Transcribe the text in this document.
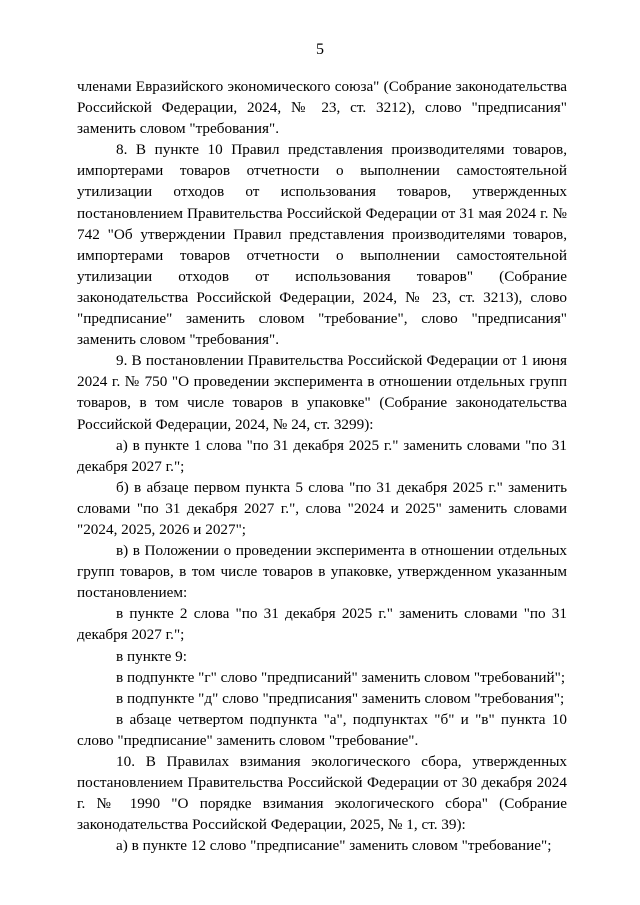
5

членами Евразийского экономического союза" (Собрание законодательства Российской Федерации, 2024, № 23, ст. 3212), слово "предписания" заменить словом "требования".

8. В пункте 10 Правил представления производителями товаров, импортерами товаров отчетности о выполнении самостоятельной утилизации отходов от использования товаров, утвержденных постановлением Правительства Российской Федерации от 31 мая 2024 г. № 742 "Об утверждении Правил представления производителями товаров, импортерами товаров отчетности о выполнении самостоятельной утилизации отходов от использования товаров" (Собрание законодательства Российской Федерации, 2024, № 23, ст. 3213), слово "предписание" заменить словом "требование", слово "предписания" заменить словом "требования".

9. В постановлении Правительства Российской Федерации от 1 июня 2024 г. № 750 "О проведении эксперимента в отношении отдельных групп товаров, в том числе товаров в упаковке" (Собрание законодательства Российской Федерации, 2024, № 24, ст. 3299):

а) в пункте 1 слова "по 31 декабря 2025 г." заменить словами "по 31 декабря 2027 г.";

б) в абзаце первом пункта 5 слова "по 31 декабря 2025 г." заменить словами "по 31 декабря 2027 г.", слова "2024 и 2025" заменить словами "2024, 2025, 2026 и 2027";

в) в Положении о проведении эксперимента в отношении отдельных групп товаров, в том числе товаров в упаковке, утвержденном указанным постановлением:

в пункте 2 слова "по 31 декабря 2025 г." заменить словами "по 31 декабря 2027 г.";

в пункте 9:

в подпункте "г" слово "предписаний" заменить словом "требований";

в подпункте "д" слово "предписания" заменить словом "требования";

в абзаце четвертом подпункта "а", подпунктах "б" и "в" пункта 10 слово "предписание" заменить словом "требование".

10. В Правилах взимания экологического сбора, утвержденных постановлением Правительства Российской Федерации от 30 декабря 2024 г. № 1990 "О порядке взимания экологического сбора" (Собрание законодательства Российской Федерации, 2025, № 1, ст. 39):

а) в пункте 12 слово "предписание" заменить словом "требование";
